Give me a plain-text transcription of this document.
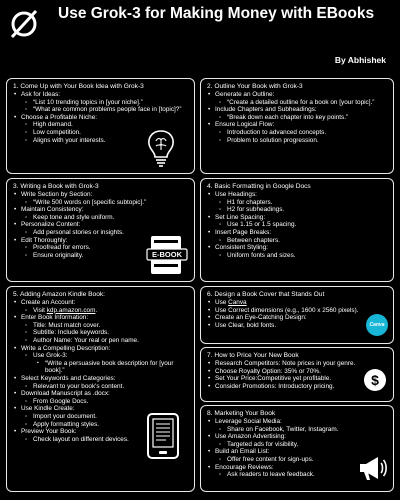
Use Grok-3 for Making Money with EBooks
By Abhishek
1. Come Up with Your Book Idea with Grok-3
• Ask for Ideas:
◦ “List 10 trending topics in [your niche].”
◦ “What are common problems people face in [topic]?”
• Choose a Profitable Niche:
◦ High demand.
◦ Low competition.
◦ Aligns with your interests.
2. Outline Your Book with Grok-3
• Generate an Outline:
◦ “Create a detailed outline for a book on [your topic].”
• Include Chapters and Subheadings:
◦ “Break down each chapter into key points.”
• Ensure Logical Flow:
◦ Introduction to advanced concepts.
◦ Problem to solution progression.
3. Writing a Book with Grok-3
• Write Section by Section:
◦ “Write 500 words on [specific subtopic].”
• Maintain Consistency:
◦ Keep tone and style uniform.
• Personalize Content:
◦ Add personal stories or insights.
• Edit Thoroughly:
◦ Proofread for errors.
◦ Ensure originality.
4. Basic Formatting in Google Docs
• Use Headings:
◦ H1 for chapters.
◦ H2 for subheadings.
• Set Line Spacing:
◦ Use 1.15 or 1.5 spacing.
• Insert Page Breaks:
◦ Between chapters.
• Consistent Styling:
◦ Uniform fonts and sizes.
5. Adding Amazon Kindle Book:
• Create an Account:
◦ Visit kdp.amazon.com.
• Enter Book Information:
◦ Title: Must match cover.
◦ Subtitle: Include keywords.
◦ Author Name: Your real or pen name.
• Write a Compelling Description:
◦ Use Grok-3:
▪ “Write a persuasive book description for [your book].”
• Select Keywords and Categories:
◦ Relevant to your book's content.
• Download Manuscript as .docx:
◦ From Google Docs.
• Use Kindle Create:
◦ Import your document.
◦ Apply formatting styles.
• Preview Your Book:
◦ Check layout on different devices.
6. Design a Book Cover that Stands Out
• Use Canva
• Use Correct dimensions (e.g., 1600 x 2560 pixels).
• Create an Eye-Catching Design:
• Use Clear, bold fonts.
7. How to Price Your New Book
• Research Competitors: Note prices in your genre.
• Choose Royalty Option: 35% or 70%.
• Set Your Price:Competitive yet profitable.
• Consider Promotions: Introductory pricing.
8. Marketing Your Book
• Leverage Social Media:
◦ Share on Facebook, Twitter, Instagram.
• Use Amazon Advertising:
◦ Targeted ads for visibility.
• Build an Email List:
◦ Offer free content for sign-ups.
• Encourage Reviews:
◦ Ask readers to leave feedback.
E-BOOK
Canva
$
